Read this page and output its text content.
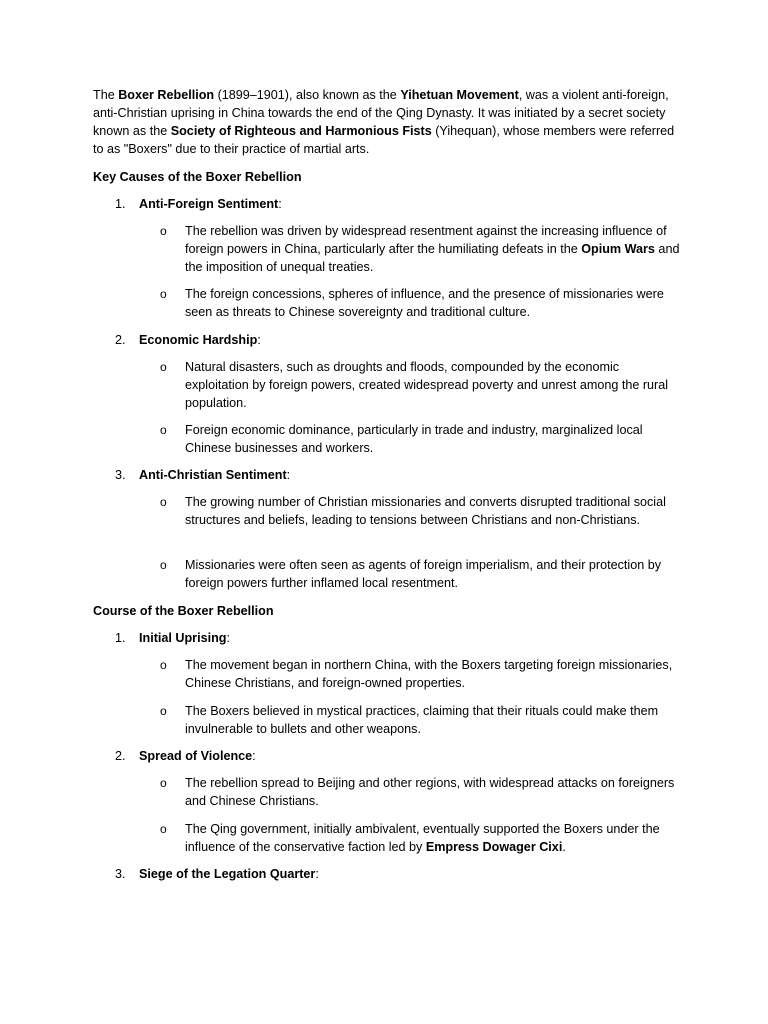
The Boxer Rebellion (1899–1901), also known as the Yihetuan Movement, was a violent anti-foreign, anti-Christian uprising in China towards the end of the Qing Dynasty. It was initiated by a secret society known as the Society of Righteous and Harmonious Fists (Yihequan), whose members were referred to as "Boxers" due to their practice of martial arts.

Key Causes of the Boxer Rebellion

1.	Anti-Foreign Sentiment:
o	The rebellion was driven by widespread resentment against the increasing influence of foreign powers in China, particularly after the humiliating defeats in the Opium Wars and the imposition of unequal treaties.

o	The foreign concessions, spheres of influence, and the presence of missionaries were seen as threats to Chinese sovereignty and traditional culture.

2.	Economic Hardship:
o	Natural disasters, such as droughts and floods, compounded by the economic exploitation by foreign powers, created widespread poverty and unrest among the rural population.

o	Foreign economic dominance, particularly in trade and industry, marginalized local Chinese businesses and workers.

3.	Anti-Christian Sentiment:
o	The growing number of Christian missionaries and converts disrupted traditional social structures and beliefs, leading to tensions between Christians and non-Christians.

o	Missionaries were often seen as agents of foreign imperialism, and their protection by foreign powers further inflamed local resentment.

Course of the Boxer Rebellion

1.	Initial Uprising:
o	The movement began in northern China, with the Boxers targeting foreign missionaries, Chinese Christians, and foreign-owned properties.

o	The Boxers believed in mystical practices, claiming that their rituals could make them invulnerable to bullets and other weapons.

2.	Spread of Violence:
o	The rebellion spread to Beijing and other regions, with widespread attacks on foreigners and Chinese Christians.

o	The Qing government, initially ambivalent, eventually supported the Boxers under the influence of the conservative faction led by Empress Dowager Cixi.

3.	Siege of the Legation Quarter:
